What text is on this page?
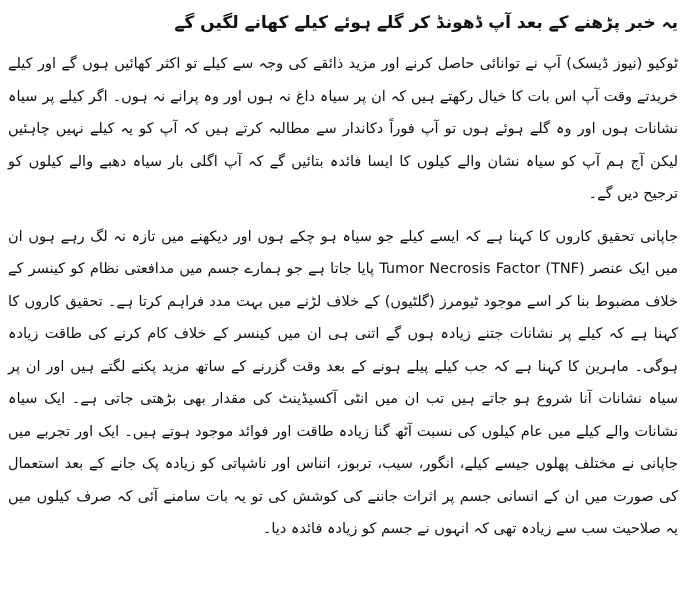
یہ خبر پڑھنے کے بعد آپ ڈھونڈ کر گلے ہوئے کیلے کھانے لگیں گے

ٹوکیو (نیوز ڈیسک) آپ نے توانائی حاصل کرنے اور مزید ذائقے کی وجہ سے کیلے تو اکثر کھائیں ہوں گے اور کیلے خریدتے وقت آپ اس بات کا خیال رکھتے ہیں کہ ان پر سیاہ داغ نہ ہوں اور وہ پرانے نہ ہوں۔ اگر کیلے پر سیاہ نشانات ہوں اور وہ گلے ہوئے ہوں تو آپ فوراً دکاندار سے مطالبہ کرتے ہیں کہ آپ کو یہ کیلے نہیں چاہئیں لیکن آج ہم آپ کو سیاہ نشان والے کیلوں کا ایسا فائدہ بتائیں گے کہ آپ اگلی بار سیاہ دھبے والے کیلوں کو ترجیح دیں گے۔

جاپانی تحقیق کاروں کا کہنا ہے کہ ایسے کیلے جو سیاہ ہو چکے ہوں اور دیکھنے میں تازہ نہ لگ رہے ہوں ان میں ایک عنصر Tumor Necrosis Factor (TNF) پایا جاتا ہے جو ہمارے جسم میں مدافعتی نظام کو کینسر کے خلاف مضبوط بنا کر اسے موجود ٹیومرز (گلٹیوں) کے خلاف لڑنے میں بہت مدد فراہم کرتا ہے۔ تحقیق کاروں کا کہنا ہے کہ کیلے پر نشانات جتنے زیادہ ہوں گے اتنی ہی ان میں کینسر کے خلاف کام کرنے کی طاقت زیادہ ہوگی۔ ماہرین کا کہنا ہے کہ جب کیلے پیلے ہونے کے بعد وقت گزرنے کے ساتھ مزید پکنے لگتے ہیں اور ان پر سیاہ نشانات آنا شروع ہو جاتے ہیں تب ان میں انٹی آکسیڈینٹ کی مقدار بھی بڑھتی جاتی ہے۔ ایک سیاہ نشانات والے کیلے میں عام کیلوں کی نسبت آٹھ گنا زیادہ طاقت اور فوائد موجود ہوتے ہیں۔ ایک اور تجربے میں جاپانی نے مختلف پھلوں جیسے کیلے، انگور، سیب، تربوز، انناس اور ناشپاتی کو زیادہ پک جانے کے بعد استعمال کی صورت میں ان کے انسانی جسم پر اثرات جاننے کی کوشش کی تو یہ بات سامنے آئی کہ صرف کیلوں میں یہ صلاحیت سب سے زیادہ تھی کہ انہوں نے جسم کو زیادہ فائدہ دیا۔
